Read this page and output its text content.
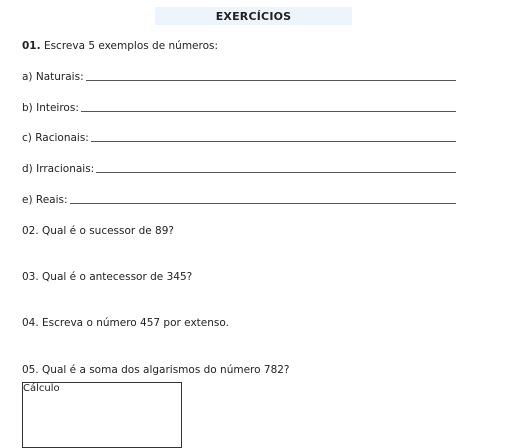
EXERCÍCIOS
01. Escreva 5 exemplos de números:
a) Naturais:
b) Inteiros:
c) Racionais:
d) Irracionais:
e) Reais:
02. Qual é o sucessor de 89?
03. Qual é o antecessor de 345?
04. Escreva o número 457 por extenso.
05. Qual é a soma dos algarismos do número 782?
Cálculo
